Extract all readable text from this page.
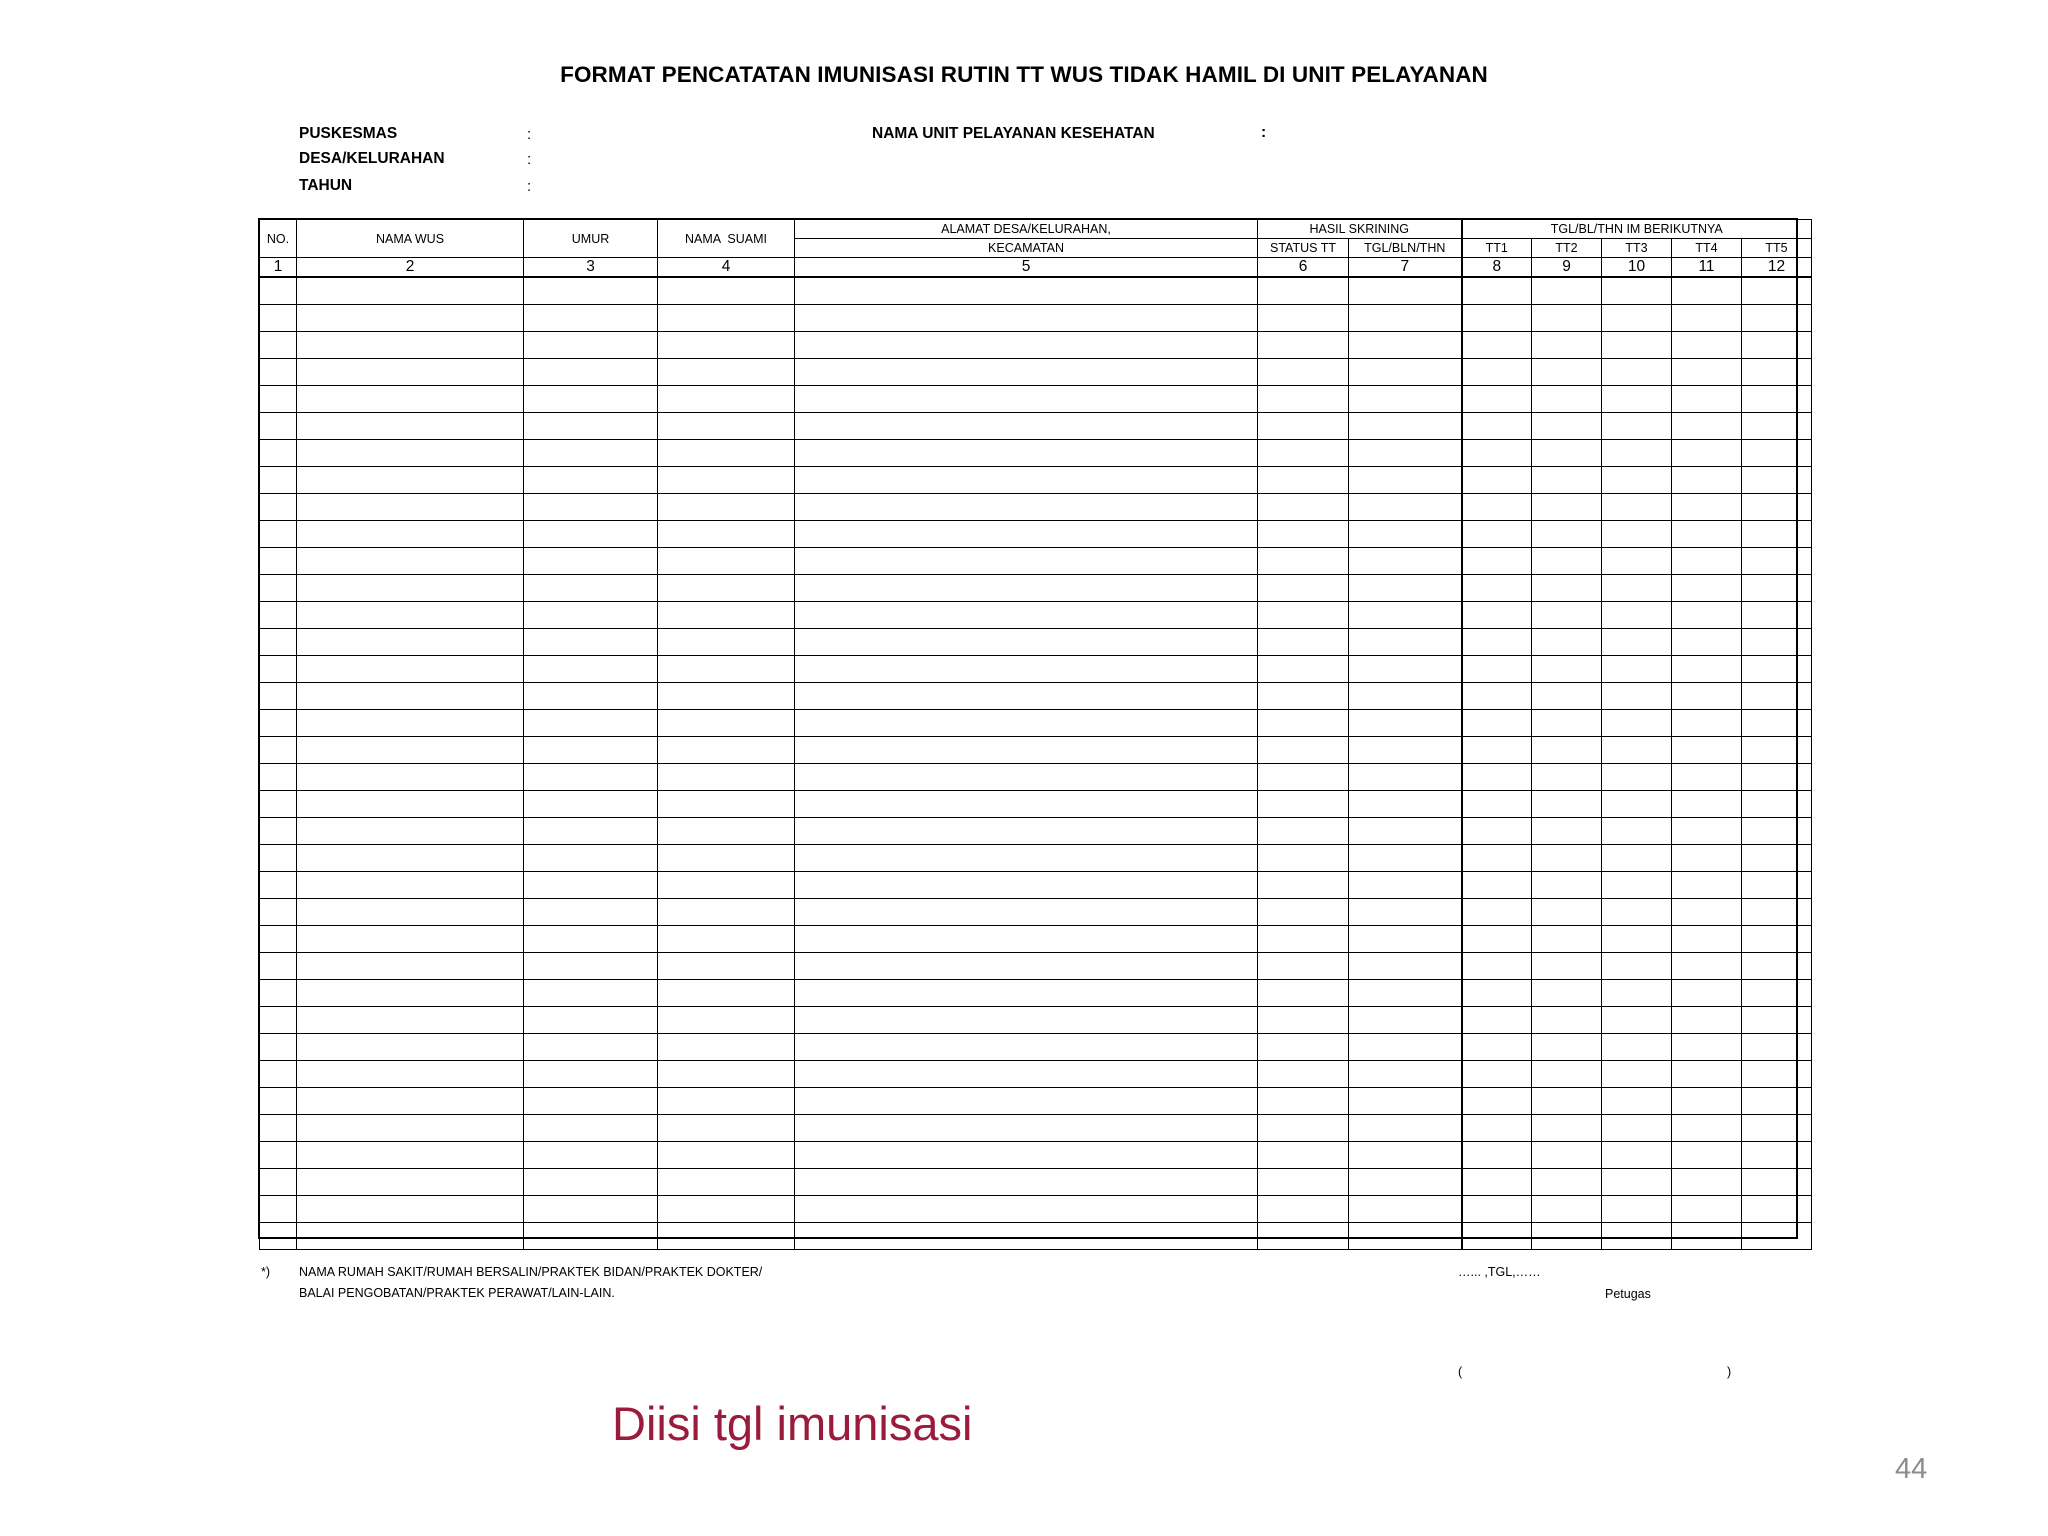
FORMAT PENCATATAN IMUNISASI RUTIN TT WUS TIDAK HAMIL DI UNIT PELAYANAN
PUSKESMAS	:
DESA/KELURAHAN	:
TAHUN	:
NAMA UNIT PELAYANAN KESEHATAN	:
NO.	NAMA WUS	UMUR	NAMA  SUAMI	ALAMAT DESA/KELURAHAN,	HASIL SKRINING		TGL/BL/THN IM BERIKUTNYA				
				KECAMATAN	STATUS TT	TGL/BLN/THN	TT1	TT2	TT3	TT4	TT5
1	2	3	4	5	6	7	8	9	10	11	12

*) NAMA RUMAH SAKIT/RUMAH BERSALIN/PRAKTEK BIDAN/PRAKTEK DOKTER/
BALAI PENGOBATAN/PRAKTEK PERAWAT/LAIN-LAIN.
…... ,TGL,……
Petugas
(	)
Diisi tgl imunisasi
44
